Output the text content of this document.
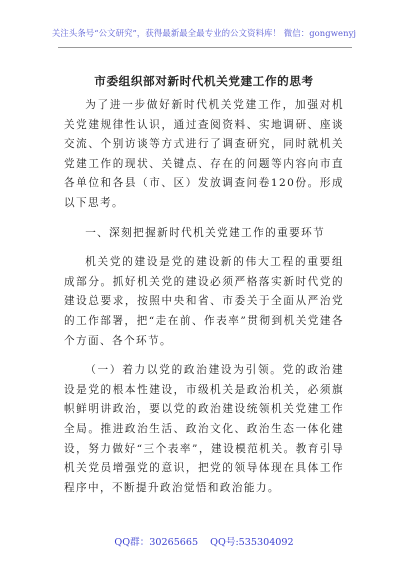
关注头条号“公文研究”，获得最新最全最专业的公文资料库！ 微信：gongwenyj
市委组织部对新时代机关党建工作的思考

为了进一步做好新时代机关党建工作，加强对机关党建规律性认识，通过查阅资料、实地调研、座谈交流、个别访谈等方式进行了调查研究，同时就机关党建工作的现状、关键点、存在的问题等内容向市直各单位和各县（市、区）发放调查问卷120份。形成以下思考。

一、深刻把握新时代机关党建工作的重要环节

机关党的建设是党的建设新的伟大工程的重要组成部分。抓好机关党的建设必须严格落实新时代党的建设总要求，按照中央和省、市委关于全面从严治党的工作部署，把“走在前、作表率”贯彻到机关党建各个方面、各个环节。

（一）着力以党的政治建设为引领。党的政治建设是党的根本性建设，市级机关是政治机关，必须旗帜鲜明讲政治，要以党的政治建设统领机关党建工作全局。推进政治生活、政治文化、政治生态一体化建设，努力做好“三个表率”，建设模范机关。教育引导机关党员增强党的意识，把党的领导体现在具体工作程序中，不断提升政治觉悟和政治能力。

QQ群：30265665 QQ号:535304092
